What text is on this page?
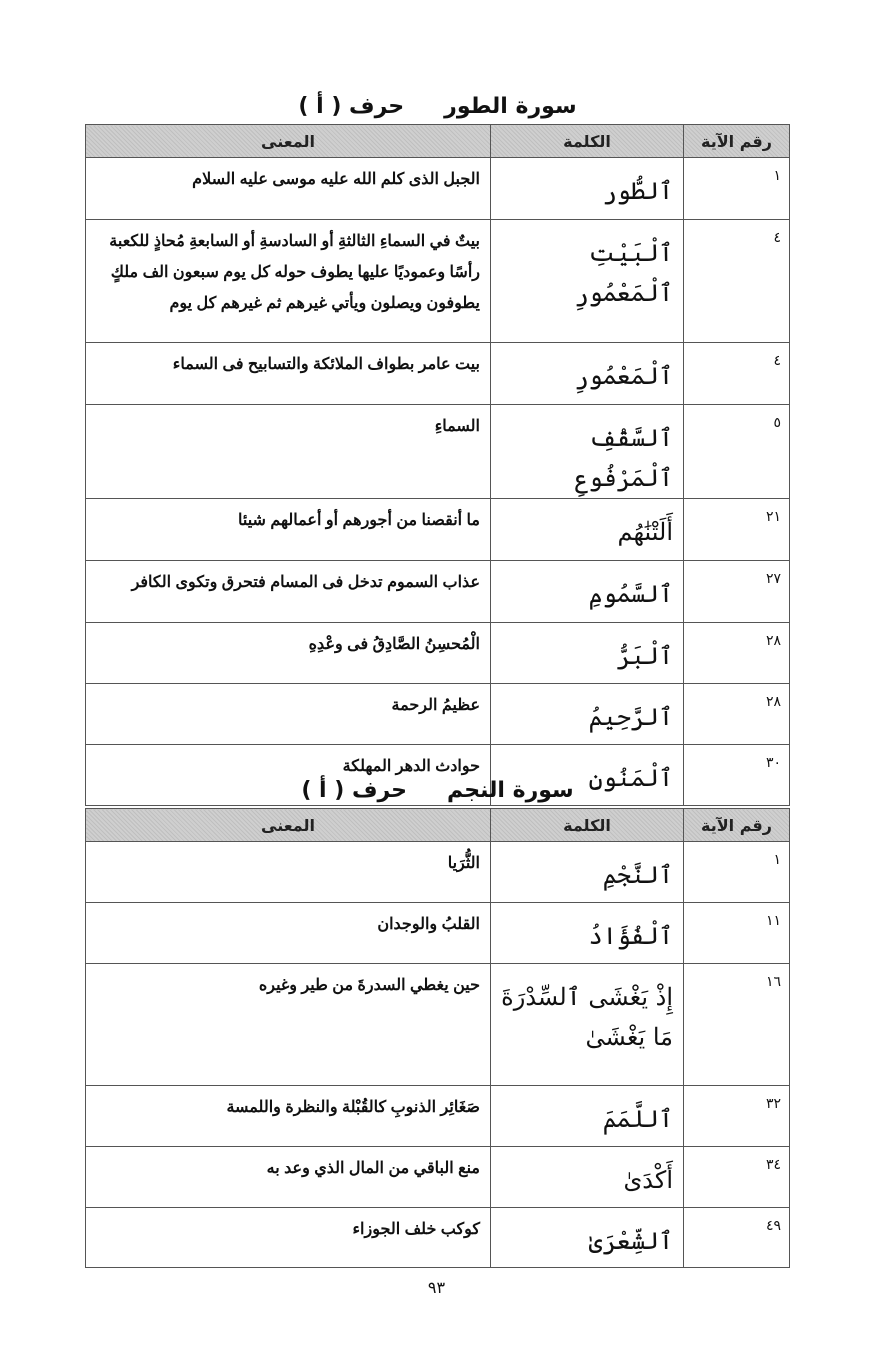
سورة الطور
حرف ( أ )
رقم الآية	الكلمة	المعنى
١	ٱلطُّور	الجبل الذى كلم الله عليه موسى عليه السلام
٤	ٱلْبَيْتِ ٱلْمَعْمُورِ	بيتٌ في السماءِ الثالثةِ أو السادسةِ أو السابعةِ مُحاذٍ للكعبة رأسًا وعموديًا عليها يطوف حوله كل يوم سبعون الف ملكٍ يطوفون ويصلون ويأتي غيرهم ثم غيرهم كل يوم
٤	ٱلْمَعْمُورِ	بيت عامر بطواف الملائكة والتسابيح فى السماء
٥	ٱلسَّقْفِ ٱلْمَرْفُوعِ	السماءِ
٢١	أَلَتْنَٰهُم	ما أنقصنا من أجورهم أو أعمالهم شيئا
٢٧	ٱلسَّمُومِ	عذاب السموم تدخل فى المسام فتحرق وتكوى الكافر
٢٨	ٱلْبَرُّ	الْمُحسِنُ الصَّادِقُ فى وعْدِهِ
٢٨	ٱلرَّحِيمُ	عظيمُ الرحمة
٣٠	ٱلْمَنُونِ	حوادث الدهر المهلكة
سورة النجم
حرف ( أ )
رقم الآية	الكلمة	المعنى
١	ٱلنَّجْمِ	الثُّرَيا
١١	ٱلْفُؤَادُ	القلبُ والوجدان
١٦	إِذْ يَغْشَى ٱلسِّدْرَةَ مَا يَغْشَىٰ	حين يغطي السدرةَ من طير وغيره
٣٢	ٱللَّمَمَ	صَغَائِر الذنوبِ كالقُبْلة والنظرة واللمسة
٣٤	أَكْدَىٰ	منع الباقي من المال الذي وعد به
٤٩	ٱلشِّعْرَىٰ	كوكب خلف الجوزاء
٩٣
